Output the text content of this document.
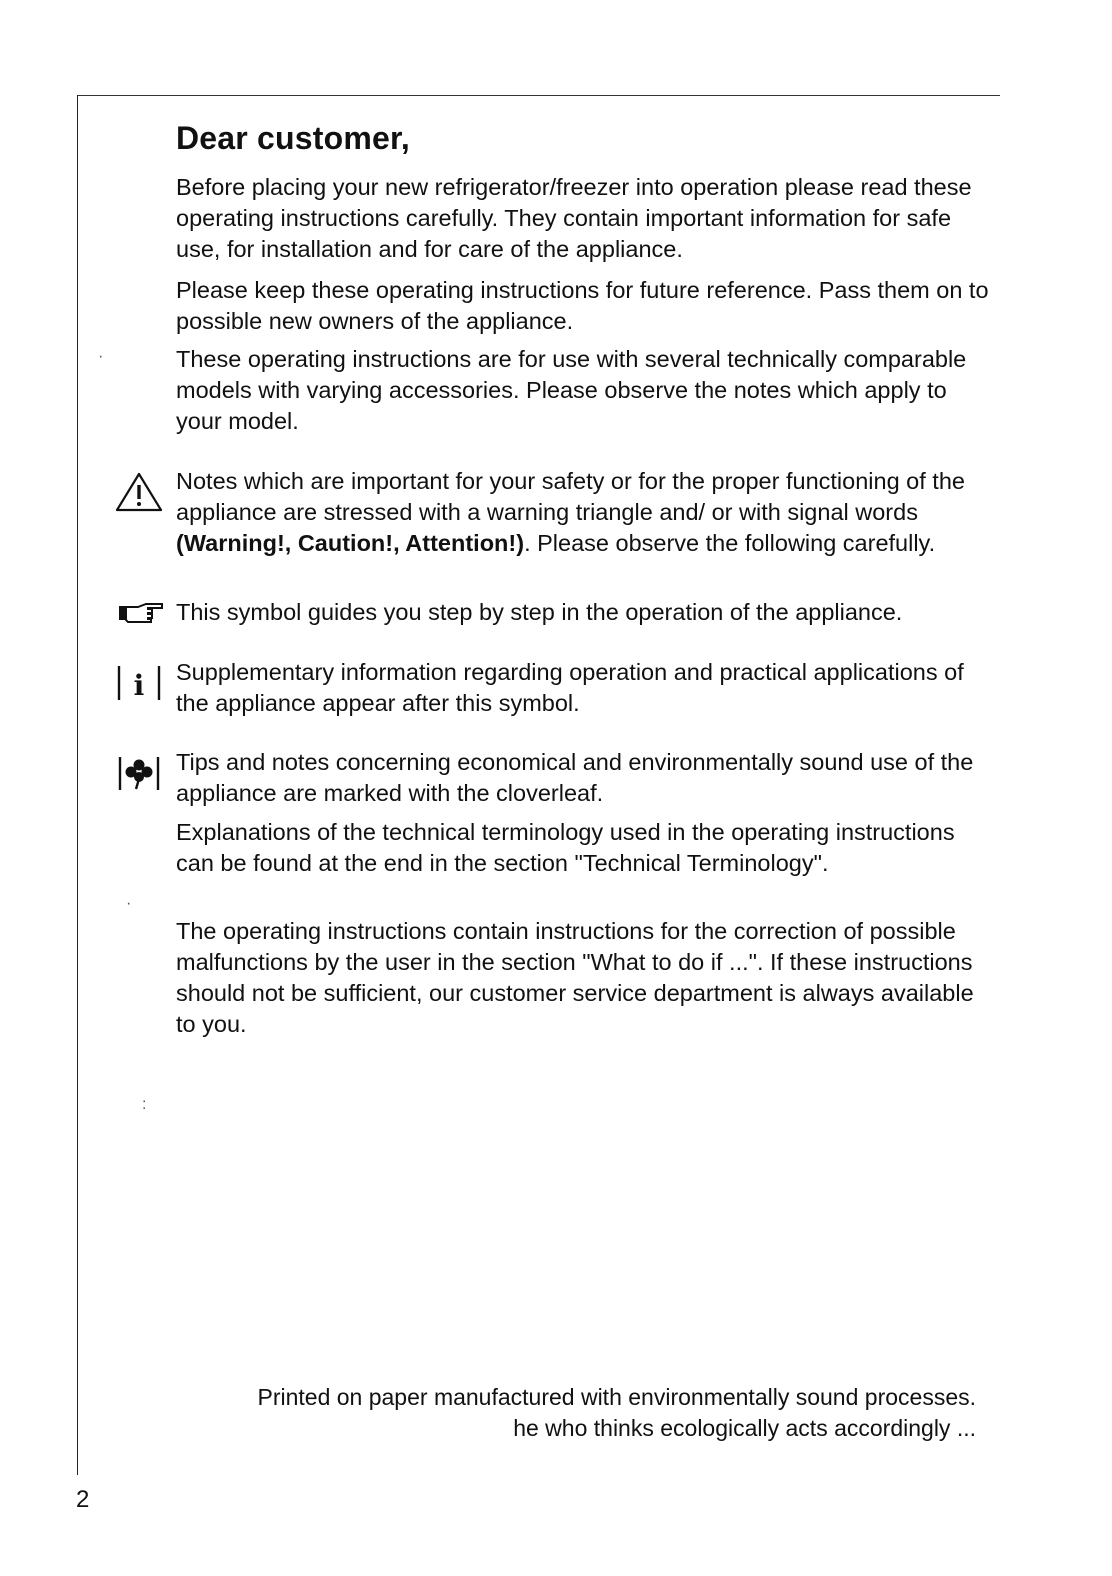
Dear customer,

Before placing your new refrigerator/freezer into operation please read these operating instructions carefully. They contain important information for safe use, for installation and for care of the appliance.

Please keep these operating instructions for future reference. Pass them on to possible new owners of the appliance.

These operating instructions are for use with several technically comparable models with varying accessories. Please observe the notes which apply to your model.

Notes which are important for your safety or for the proper functioning of the appliance are stressed with a warning triangle and/ or with signal words (Warning!, Caution!, Attention!). Please observe the following carefully.

This symbol guides you step by step in the operation of the appliance.

i Supplementary information regarding operation and practical applications of the appliance appear after this symbol.

Tips and notes concerning economical and environmentally sound use of the appliance are marked with the cloverleaf.

Explanations of the technical terminology used in the operating instructions can be found at the end in the section "Technical Terminology".

The operating instructions contain instructions for the correction of possible malfunctions by the user in the section "What to do if ...". If these instructions should not be sufficient, our customer service department is always available to you.

·
·
:

Printed on paper manufactured with environmentally sound processes.

he who thinks ecologically acts accordingly ...

2
